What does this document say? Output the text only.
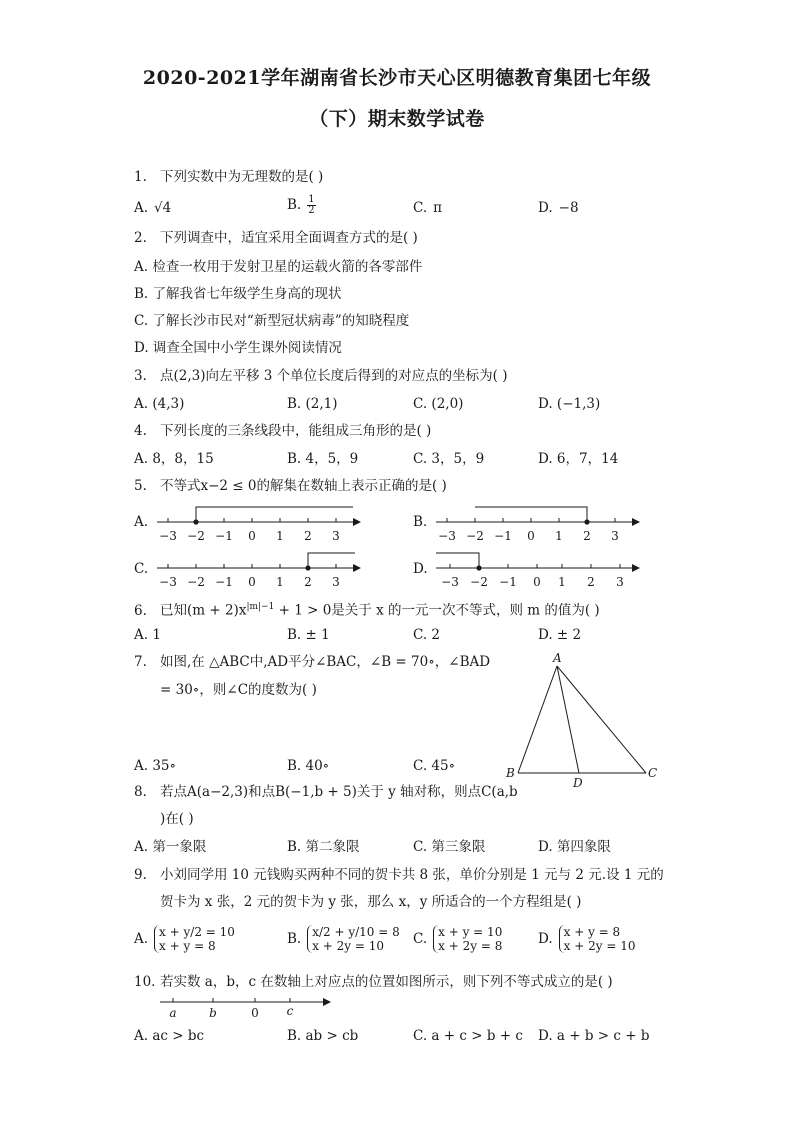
2020-2021学年湖南省长沙市天心区明德教育集团七年级
（下）期末数学试卷
1. 下列实数中为无理数的是( )
A. √4	B. $\frac{1}{2}$	C. π	D. −8
2. 下列调查中，适宜采用全面调查方式的是( )
A. 检查一枚用于发射卫星的运载火箭的各零部件
B. 了解我省七年级学生身高的现状
C. 了解长沙市民对“新型冠状病毒”的知晓程度
D. 调查全国中小学生课外阅读情况
3. 点(2,3)向左平移 3 个单位长度后得到的对应点的坐标为( )
A. (4,3)	B. (2,1)	C. (2,0)	D. (−1,3)
4. 下列长度的三条线段中，能组成三角形的是( )
A. 8，8，15	B. 4，5，9	C. 3，5，9	D. 6，7，14
5. 不等式x−2 ≤ 0的解集在数轴上表示正确的是( )
A.	B.
C.	D.
−3 −2 −1 0 1 2 3	−3 −2 −1 0 1 2 3
−3 −2 −1 0 1 2 3	−3 −2 −1 0 1 2 3
6. 已知$(m + 2)x^{|m|-1} + 1 > 0$是关于 x 的一元一次不等式，则 m 的值为( )
A. 1	B. ± 1	C. 2	D. ± 2
7. 如图,在 △ABC中,AD平分∠BAC，∠B = 70∘，∠BAD
= 30∘，则∠C的度数为( )
A. 35∘	B. 40∘	C. 45∘
A
B	C
D
8. 若点A(a−2,3)和点B(−1,b + 5)关于 y 轴对称，则点C(a,b
)在( )
A. 第一象限	B. 第二象限	C. 第三象限	D. 第四象限
9. 小刘同学用 10 元钱购买两种不同的贺卡共 8 张，单价分别是 1 元与 2 元.设 1 元的
贺卡为 x 张，2 元的贺卡为 y 张，那么 x，y 所适合的一个方程组是( )
A. x + y/2 = 10
x + y = 8	B. x/2 + y/10 = 8
x + 2y = 10	C. x + y = 10
x + 2y = 8	D. x + y = 8
x + 2y = 10
10. 若实数 a，b，c 在数轴上对应点的位置如图所示，则下列不等式成立的是( )
a	b	0 c
A. ac > bc	B. ab > cb	C. a + c > b + c D. a + b > c + b
